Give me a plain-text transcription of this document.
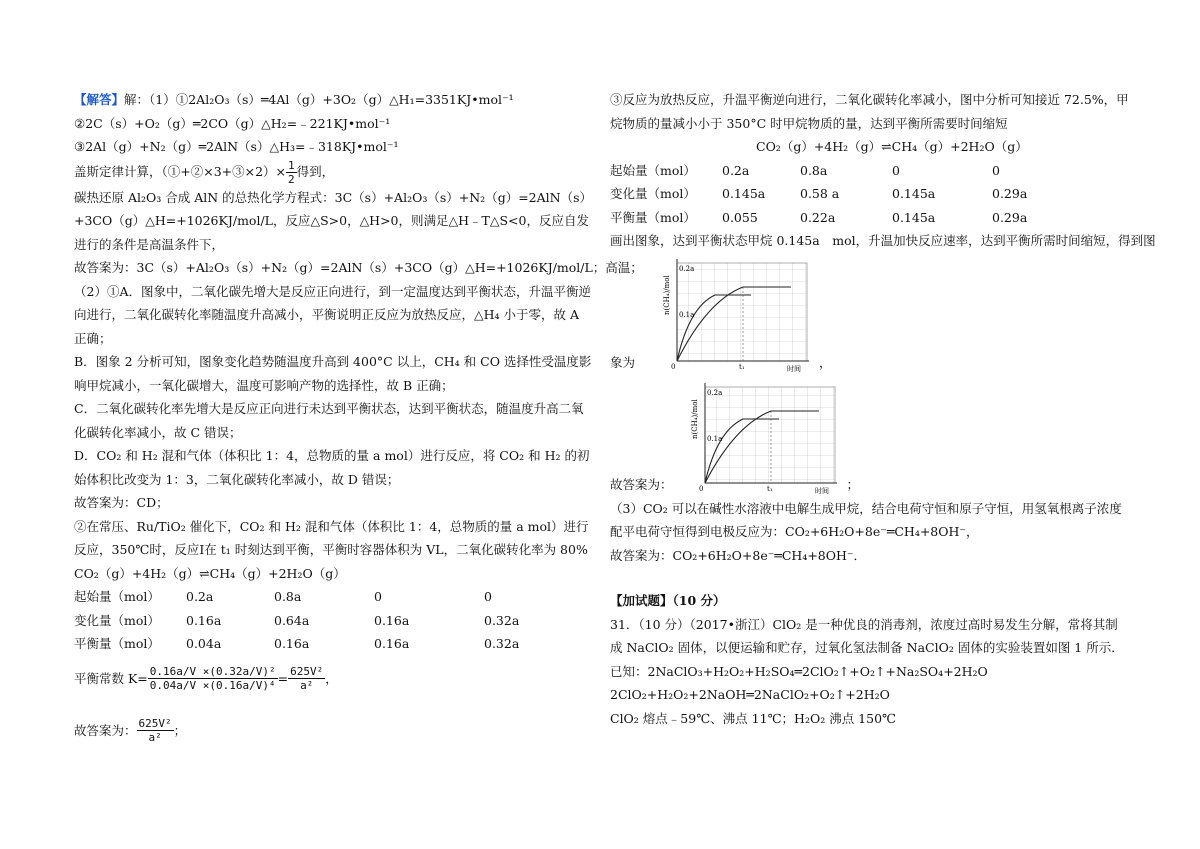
【解答】解：（1）①2Al₂O₃（s）═4Al（g）+3O₂（g）△H₁=3351KJ•mol⁻¹
②2C（s）+O₂（g）═2CO（g）△H₂=﹣221KJ•mol⁻¹
③2Al（g）+N₂（g）═2AlN（s）△H₃=﹣318KJ•mol⁻¹
盖斯定律计算，（①+②×3+③×2）× $\frac{1}{2}$ 得到，
碳热还原 Al₂O₃ 合成 AlN 的总热化学方程式：3C（s）+Al₂O₃（s）+N₂（g）=2AlN（s）+3CO（g）△H=+1026KJ/mol/L，反应△S>0，△H>0，则满足△H﹣T△S<0，反应自发进行的条件是高温条件下，
故答案为：3C（s）+Al₂O₃（s）+N₂（g）=2AlN（s）+3CO（g）△H=+1026KJ/mol/L；高温；
（2）①A．图象中，二氧化碳先增大是反应正向进行，到一定温度达到平衡状态，升温平衡逆向进行，二氧化碳转化率随温度升高减小，平衡说明正反应为放热反应，△H₄ 小于零，故 A 正确；
B．图象 2 分析可知，图象变化趋势随温度升高到 400°C 以上，CH₄ 和 CO 选择性受温度影响甲烷减小，一氧化碳增大，温度可影响产物的选择性，故 B 正确；
C．二氧化碳转化率先增大是反应正向进行未达到平衡状态，达到平衡状态，随温度升高二氧化碳转化率减小，故 C 错误；
D．CO₂ 和 H₂ 混和气体（体积比 1：4，总物质的量 a mol）进行反应，将 CO₂ 和 H₂ 的初始体积比改变为 1：3，二氧化碳转化率减小，故 D 错误；
故答案为：CD；
②在常压、Ru/TiO₂ 催化下，CO₂ 和 H₂ 混和气体（体积比 1：4，总物质的量 a mol）进行反应，350℃时，反应Ⅰ在 t₁ 时刻达到平衡，平衡时容器体积为 VL，二氧化碳转化率为 80%
CO₂（g）+4H₂（g）⇌CH₄（g）+2H₂O（g）
起始量（mol）	0.2a	0.8a	0	0
变化量（mol）	0.16a	0.64a	0.16a	0.32a
平衡量（mol）	0.04a	0.16a	0.16a	0.32a
平衡常数 $K= \frac{\text{0.16a/V ×(0.32a/V)²}}{\text{0.04a/V ×(0.16a/V)⁴}} = \frac{\text{625V²}}{\text{a²}}$ ，
故答案为： $\frac{\text{625V²}}{\text{a²}}$ ；
③反应为放热反应，升温平衡逆向进行，二氧化碳转化率减小，图中分析可知接近 72.5%，甲烷物质的量减小小于 350°C 时甲烷物质的量，达到平衡所需要时间缩短
CO₂（g）+4H₂（g）⇌CH₄（g）+2H₂O（g）
起始量（mol）	0.2a	0.8a	0	0
变化量（mol）	0.145a	0.58 a	0.145a	0.29a
平衡量（mol）	0.055	0.22a	0.145a	0.29a
画出图象，达到平衡状态甲烷 0.145a　mol，升温加快反应速率，达到平衡所需时间缩短，得到图
象为
n(CH₄)/mol
0.2a
0.1a
0	t₁	时间 ，
故答案为：
n(CH₄)/mol
0.2a
0.1a
0	t₁	时间 ；
（3）CO₂ 可以在碱性水溶液中电解生成甲烷，结合电荷守恒和原子守恒，用氢氧根离子浓度配平电荷守恒得到电极反应为：CO₂+6H₂O+8e⁻═CH₄+8OH⁻，
故答案为：CO₂+6H₂O+8e⁻═CH₄+8OH⁻．
【加试题】（10 分）
31．（10 分）（2017•浙江）ClO₂ 是一种优良的消毒剂，浓度过高时易发生分解，常将其制成 NaClO₂ 固体，以便运输和贮存，过氧化氢法制备 NaClO₂ 固体的实验装置如图 1 所示．
已知：2NaClO₃+H₂O₂+H₂SO₄═2ClO₂↑+O₂↑+Na₂SO₄+2H₂O
2ClO₂+H₂O₂+2NaOH═2NaClO₂+O₂↑+2H₂O
ClO₂ 熔点﹣59℃、沸点 11℃；H₂O₂ 沸点 150℃
